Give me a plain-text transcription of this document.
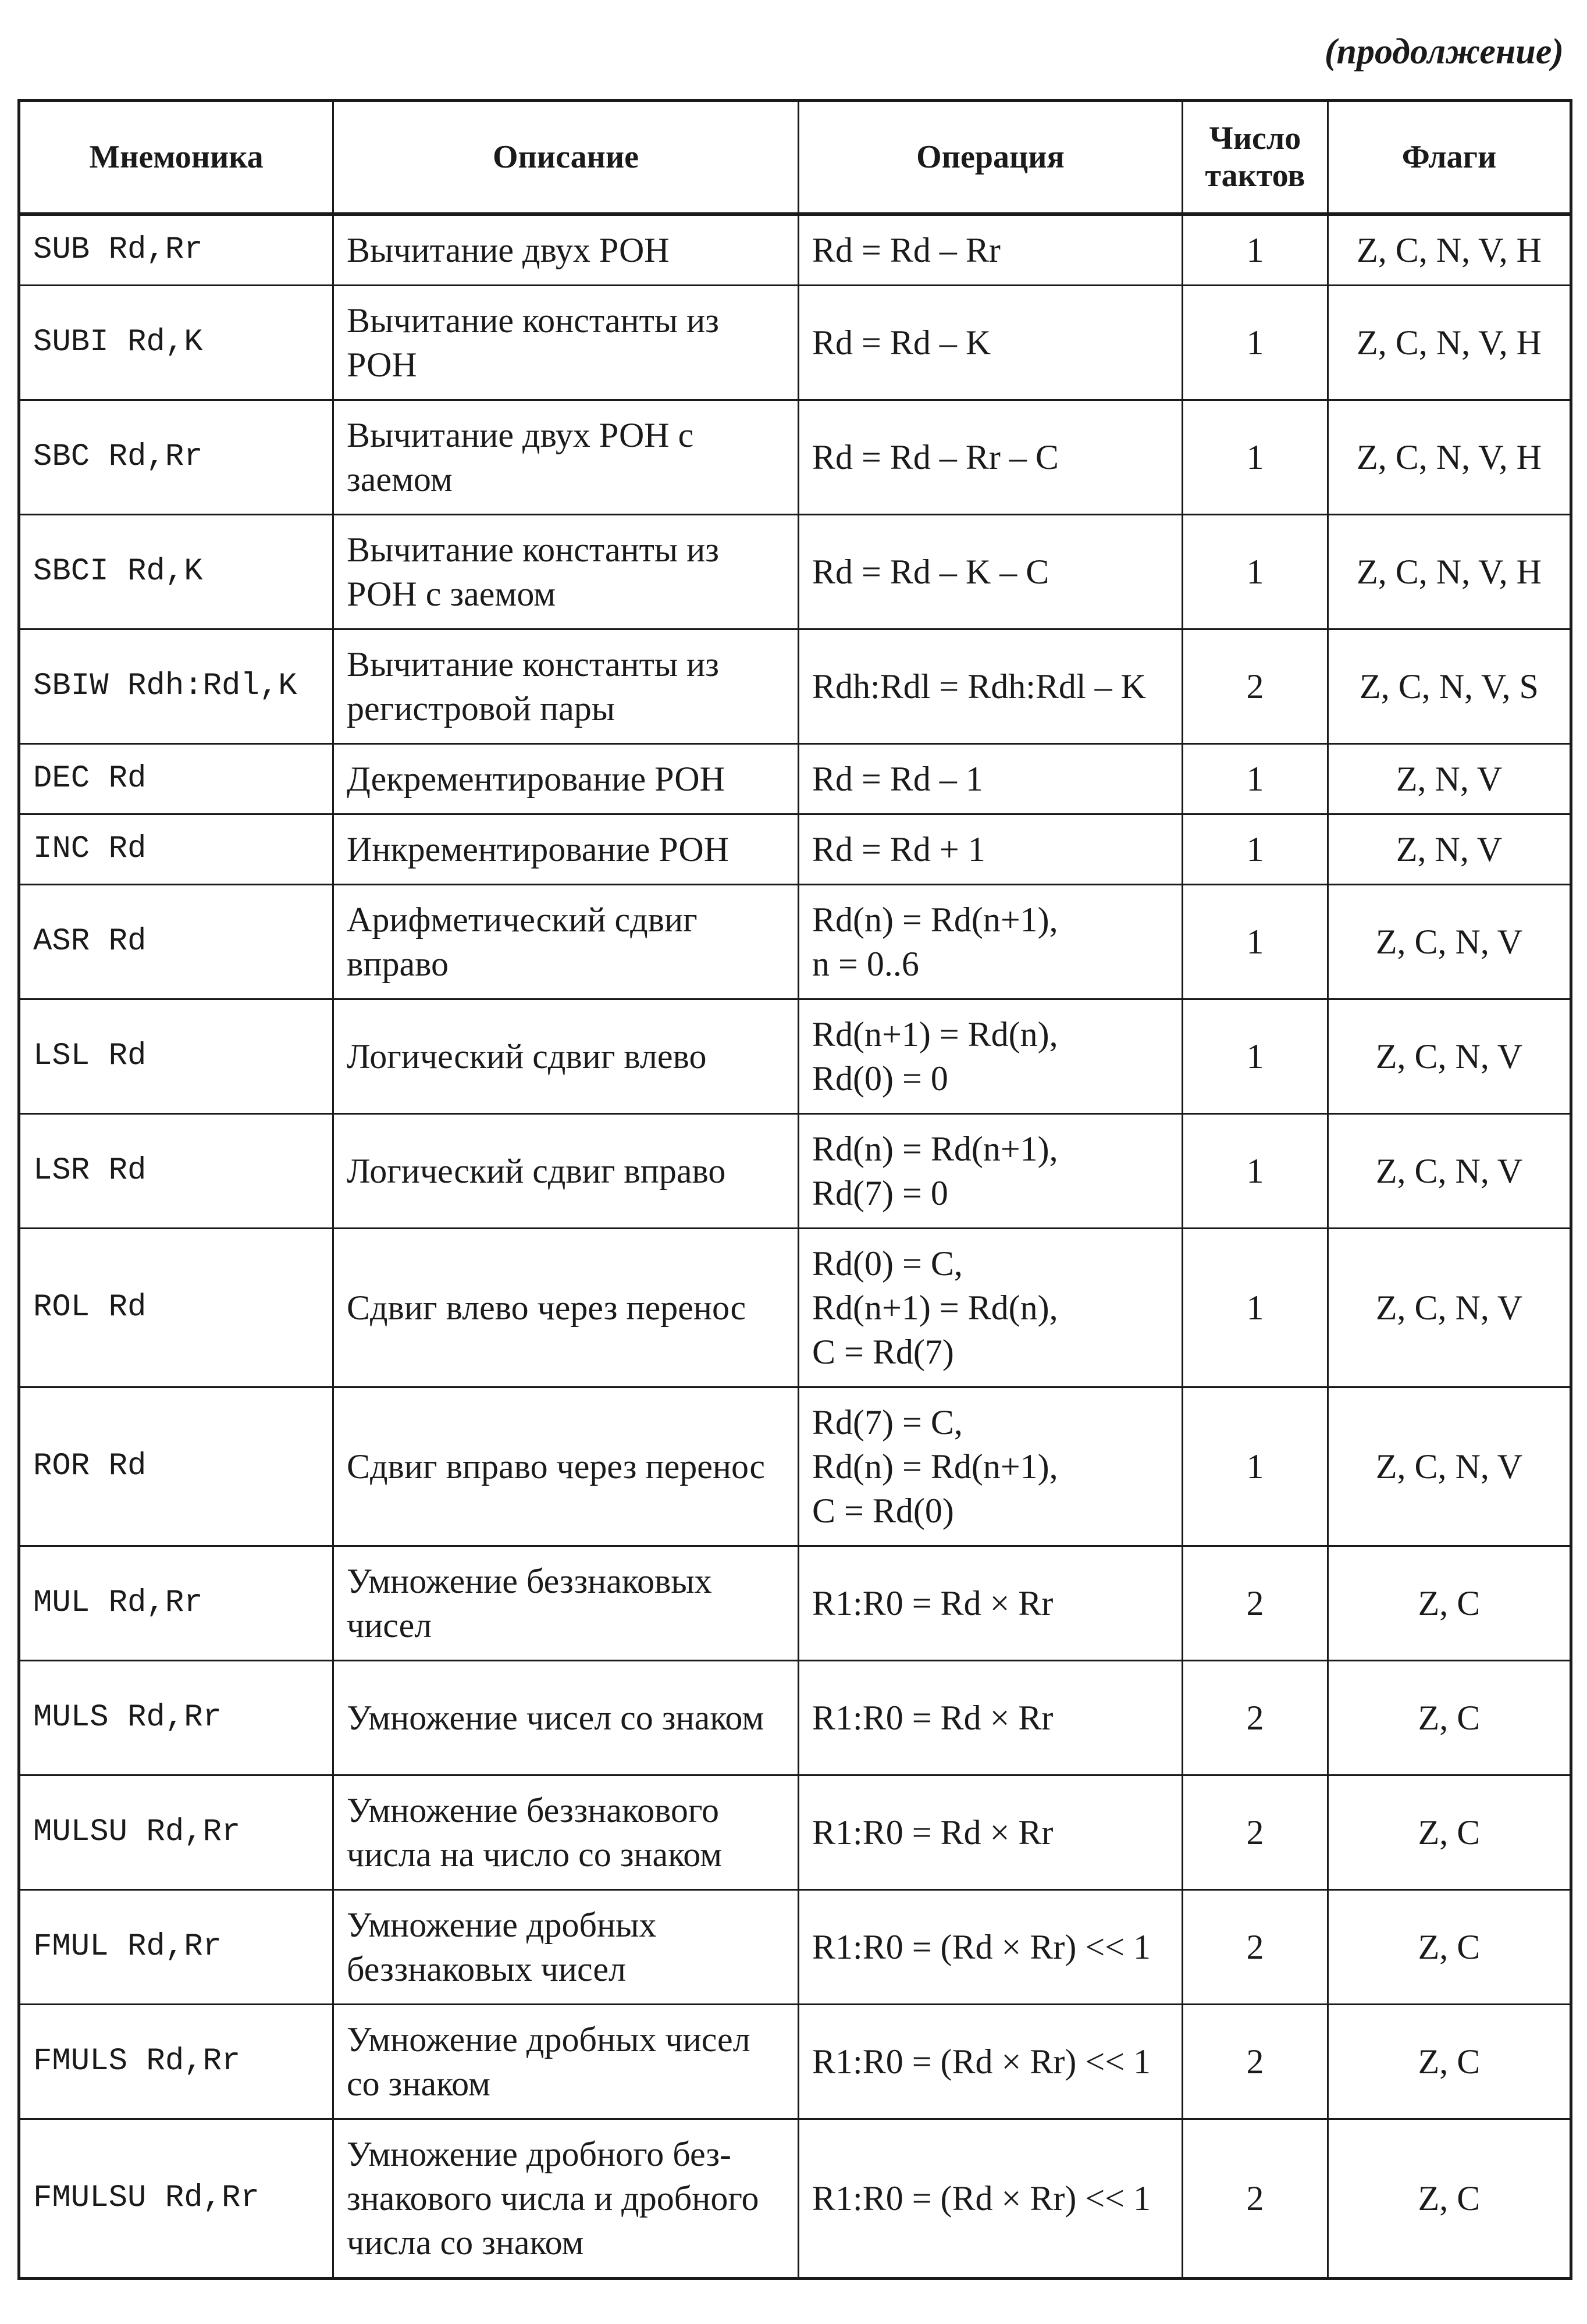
(продолжение)
Мнемоника	Описание	Операция	Число тактов	Флаги
SUB Rd,Rr	Вычитание двух РОН	Rd = Rd – Rr	1	Z, C, N, V, H
SUBI Rd,K	Вычитание константы из РОН	Rd = Rd – K	1	Z, C, N, V, H
SBC Rd,Rr	Вычитание двух РОН с заемом	Rd = Rd – Rr – C	1	Z, C, N, V, H
SBCI Rd,K	Вычитание константы из РОН с заемом	Rd = Rd – K – C	1	Z, C, N, V, H
SBIW Rdh:Rdl,K	Вычитание константы из регистровой пары	Rdh:Rdl = Rdh:Rdl – K	2	Z, C, N, V, S
DEC Rd	Декрементирование РОН	Rd = Rd – 1	1	Z, N, V
INC Rd	Инкрементирование РОН	Rd = Rd + 1	1	Z, N, V
ASR Rd	Арифметический сдвиг вправо	Rd(n) = Rd(n+1),
n = 0..6	1	Z, C, N, V
LSL Rd	Логический сдвиг влево	Rd(n+1) = Rd(n),
Rd(0) = 0	1	Z, C, N, V
LSR Rd	Логический сдвиг вправо	Rd(n) = Rd(n+1),
Rd(7) = 0	1	Z, C, N, V
ROL Rd	Сдвиг влево через перенос	Rd(0) = C,
Rd(n+1) = Rd(n),
C = Rd(7)	1	Z, C, N, V
ROR Rd	Сдвиг вправо через перенос	Rd(7) = C,
Rd(n) = Rd(n+1),
C = Rd(0)	1	Z, C, N, V
MUL Rd,Rr	Умножение беззнаковых чисел	R1:R0 = Rd × Rr	2	Z, C
MULS Rd,Rr	Умножение чисел со знаком	R1:R0 = Rd × Rr	2	Z, C
MULSU Rd,Rr	Умножение беззнакового числа на число со знаком	R1:R0 = Rd × Rr	2	Z, C
FMUL Rd,Rr	Умножение дробных беззнаковых чисел	R1:R0 = (Rd × Rr) << 1	2	Z, C
FMULS Rd,Rr	Умножение дробных чисел со знаком	R1:R0 = (Rd × Rr) << 1	2	Z, C
FMULSU Rd,Rr	Умножение дробного без-знакового числа и дробного числа со знаком	R1:R0 = (Rd × Rr) << 1	2	Z, C
